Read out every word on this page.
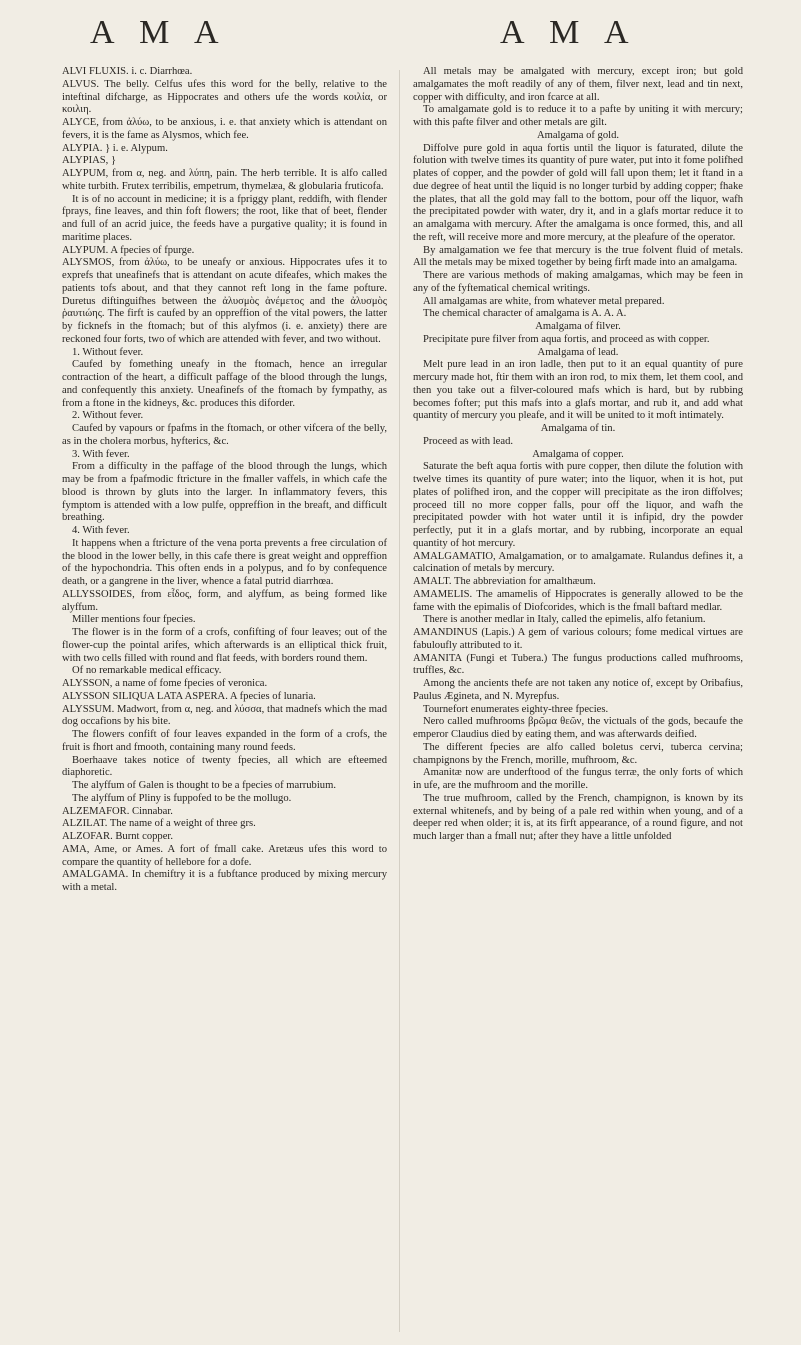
A M A	A M A

ALVI FLUXIS. i. c. Diarrhœa.

ALVUS. The belly. Celfus ufes this word for the belly, relative to the inteftinal difcharge, as Hippocrates and others ufe the words κοιλία, or κοιλιη.

ALYCE, from ἀλύω, to be anxious, i. e. that anxiety which is attendant on fevers, it is the fame as Alysmos, which fee.

ALYPIA. } i. e. Alypum.

ALYPIAS, }

ALYPUM, from α, neg. and λύπη, pain. The herb terrible. It is alfo called white turbith. Frutex terribilis, empetrum, thymelæa, & globularia fruticofa.

It is of no account in medicine; it is a fpriggy plant, reddifh, with flender fprays, fine leaves, and thin foft flowers; the root, like that of beet, flender and full of an acrid juice, the feeds have a purgative quality; it is found in maritime places.

ALYPUM. A fpecies of fpurge.

ALYSMOS, from ἀλύω, to be uneafy or anxious. Hippocrates ufes it to exprefs that uneafinefs that is attendant on acute difeafes, which makes the patients tofs about, and that they cannot reft long in the fame pofture. Duretus diftinguifhes between the ἀλυσμὸς ἀνέμετος and the ἀλυσμὸς ῥαυτιώης. The firft is caufed by an oppreffion of the vital powers, the latter by ficknefs in the ftomach; but of this alyfmos (i. e. anxiety) there are reckoned four forts, two of which are attended with fever, and two without.

1. Without fever.

Caufed by fomething uneafy in the ftomach, hence an irregular contraction of the heart, a difficult paffage of the blood through the lungs, and confequently this anxiety. Uneafinefs of the ftomach by fympathy, as from a ftone in the kidneys, &c. produces this diforder.

2. Without fever.

Caufed by vapours or fpafms in the ftomach, or other vifcera of the belly, as in the cholera morbus, hyfterics, &c.

3. With fever.

From a difficulty in the paffage of the blood through the lungs, which may be from a fpafmodic ftricture in the fmaller vaffels, in which cafe the blood is thrown by gluts into the larger. In inflammatory fevers, this fymptom is attended with a low pulfe, oppreffion in the breaft, and difficult breathing.

4. With fever.

It happens when a ftricture of the vena porta prevents a free circulation of the blood in the lower belly, in this cafe there is great weight and oppreffion of the hypochondria. This often ends in a polypus, and fo by confequence death, or a gangrene in the liver, whence a fatal putrid diarrhœa.

ALLYSSOIDES, from εἶδος, form, and alyffum, as being formed like alyffum.

Miller mentions four fpecies.

The flower is in the form of a crofs, confifting of four leaves; out of the flower-cup the pointal arifes, which afterwards is an elliptical thick fruit, with two cells filled with round and flat feeds, with borders round them.

Of no remarkable medical efficacy.

ALYSSON, a name of fome fpecies of veronica.

ALYSSON SILIQUA LATA ASPERA. A fpecies of lunaria.

ALYSSUM. Madwort, from α, neg. and λύσσα, that madnefs which the mad dog occafions by his bite.

The flowers confift of four leaves expanded in the form of a crofs, the fruit is fhort and fmooth, containing many round feeds.

Boerhaave takes notice of twenty fpecies, all which are efteemed diaphoretic.

The alyffum of Galen is thought to be a fpecies of marrubium.

The alyffum of Pliny is fuppofed to be the mollugo.

ALZEMAFOR. Cinnabar.

ALZILAT. The name of a weight of three grs.

ALZOFAR. Burnt copper.

AMA, Ame, or Ames. A fort of fmall cake. Aretæus ufes this word to compare the quantity of hellebore for a dofe.

AMALGAMA. In chemiftry it is a fubftance produced by mixing mercury with a metal.

All metals may be amalgated with mercury, except iron; but gold amalgamates the moft readily of any of them, filver next, lead and tin next, copper with difficulty, and iron fcarce at all.

To amalgamate gold is to reduce it to a pafte by uniting it with mercury; with this pafte filver and other metals are gilt.

Amalgama of gold.

Diffolve pure gold in aqua fortis until the liquor is faturated, dilute the folution with twelve times its quantity of pure water, put into it fome polifhed plates of copper, and the powder of gold will fall upon them; let it ftand in a due degree of heat until the liquid is no longer turbid by adding copper; fhake the plates, that all the gold may fall to the bottom, pour off the liquor, wafh the precipitated powder with water, dry it, and in a glafs mortar reduce it to an amalgama with mercury. After the amalgama is once formed, this, and all the reft, will receive more and more mercury, at the pleafure of the operator.

By amalgamation we fee that mercury is the true folvent fluid of metals. All the metals may be mixed together by being firft made into an amalgama.

There are various methods of making amalgamas, which may be feen in any of the fyftematical chemical writings.

All amalgamas are white, from whatever metal prepared.

The chemical character of amalgama is A. A. A.

Amalgama of filver.

Precipitate pure filver from aqua fortis, and proceed as with copper.

Amalgama of lead.

Melt pure lead in an iron ladle, then put to it an equal quantity of pure mercury made hot, ftir them with an iron rod, to mix them, let them cool, and then you take out a filver-coloured mafs which is hard, but by rubbing becomes fofter; put this mafs into a glafs mortar, and rub it, and add what quantity of mercury you pleafe, and it will be united to it moft intimately.

Amalgama of tin.

Proceed as with lead.

Amalgama of copper.

Saturate the beft aqua fortis with pure copper, then dilute the folution with twelve times its quantity of pure water; into the liquor, when it is hot, put plates of polifhed iron, and the copper will precipitate as the iron diffolves; proceed till no more copper falls, pour off the liquor, and wafh the precipitated powder with hot water until it is infipid, dry the powder perfectly, put it in a glafs mortar, and by rubbing, incorporate an equal quantity of hot mercury.

AMALGAMATIO, Amalgamation, or to amalgamate. Rulandus defines it, a calcination of metals by mercury.

AMALT. The abbreviation for amalthæum.

AMAMELIS. The amamelis of Hippocrates is generally allowed to be the fame with the epimalis of Diofcorides, which is the fmall baftard medlar.

There is another medlar in Italy, called the epimelis, alfo fetanium.

AMANDINUS (Lapis.) A gem of various colours; fome medical virtues are fabuloufly attributed to it.

AMANITA (Fungi et Tubera.) The fungus productions called mufhrooms, truffles, &c.

Among the ancients thefe are not taken any notice of, except by Oribafius, Paulus Ægineta, and N. Myrepfus.

Tournefort enumerates eighty-three fpecies.

Nero called mufhrooms βρῶμα θεῶν, the victuals of the gods, becaufe the emperor Claudius died by eating them, and was afterwards deified.

The different fpecies are alfo called boletus cervi, tuberca cervina; champignons by the French, morille, mufhroom, &c.

Amanitæ now are underftood of the fungus terræ, the only forts of which in ufe, are the mufhroom and the morille.

The true mufhroom, called by the French, champignon, is known by its external whitenefs, and by being of a pale red within when young, and of a deeper red when older; it is, at its firft appearance, of a round figure, and not much larger than a fmall nut; after they have a little unfolded
